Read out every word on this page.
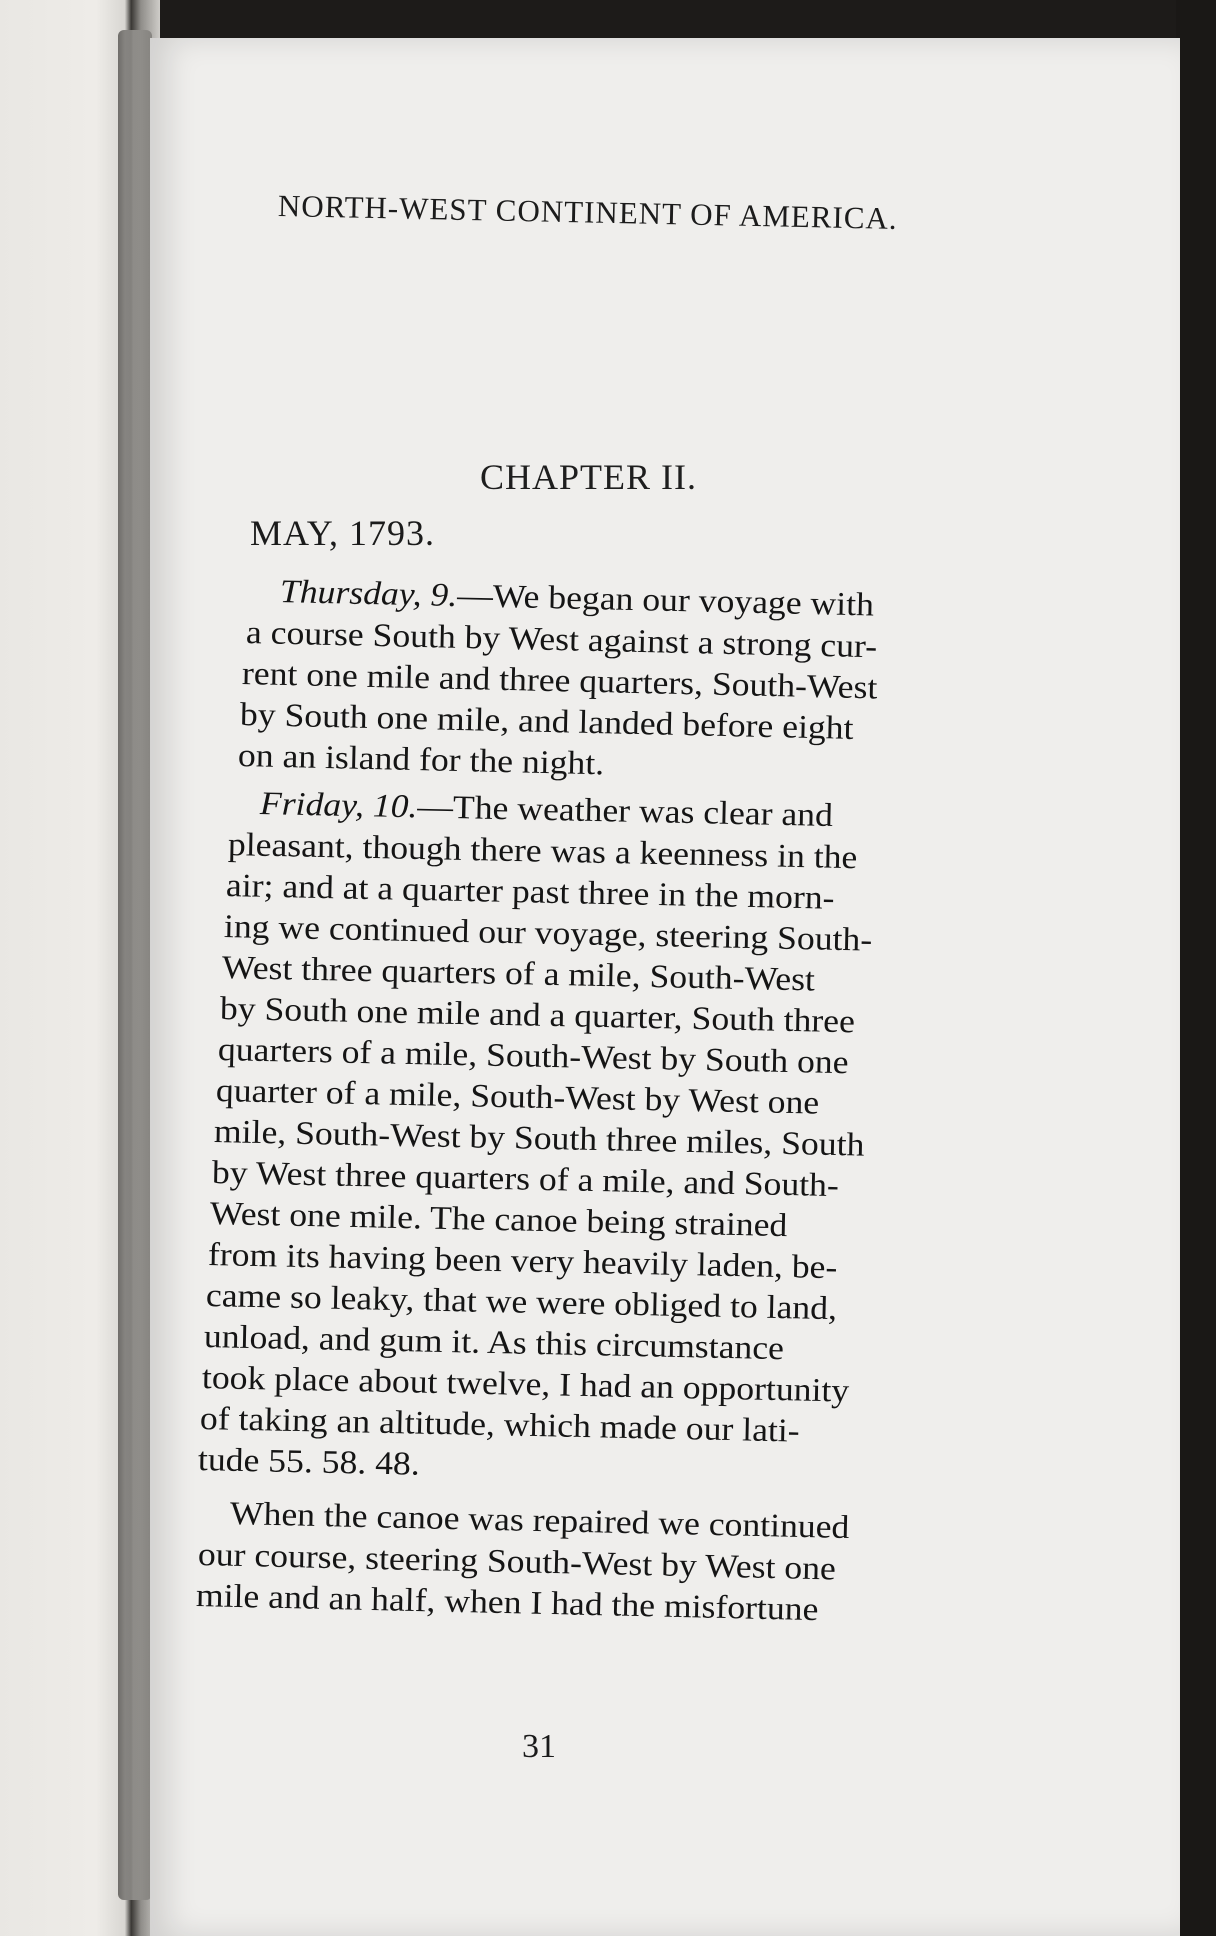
NORTH-WEST CONTINENT OF AMERICA.
CHAPTER II.
MAY, 1793.
Thursday, 9.—We began our voyage with
a course South by West against a strong cur-
rent one mile and three quarters, South-West
by South one mile, and landed before eight
on an island for the night.
Friday, 10.—The weather was clear and
pleasant, though there was a keenness in the
air; and at a quarter past three in the morn-
ing we continued our voyage, steering South-
West three quarters of a mile, South-West
by South one mile and a quarter, South three
quarters of a mile, South-West by South one
quarter of a mile, South-West by West one
mile, South-West by South three miles, South
by West three quarters of a mile, and South-
West one mile. The canoe being strained
from its having been very heavily laden, be-
came so leaky, that we were obliged to land,
unload, and gum it. As this circumstance
took place about twelve, I had an opportunity
of taking an altitude, which made our lati-
tude 55. 58. 48.
When the canoe was repaired we continued
our course, steering South-West by West one
mile and an half, when I had the misfortune
31
